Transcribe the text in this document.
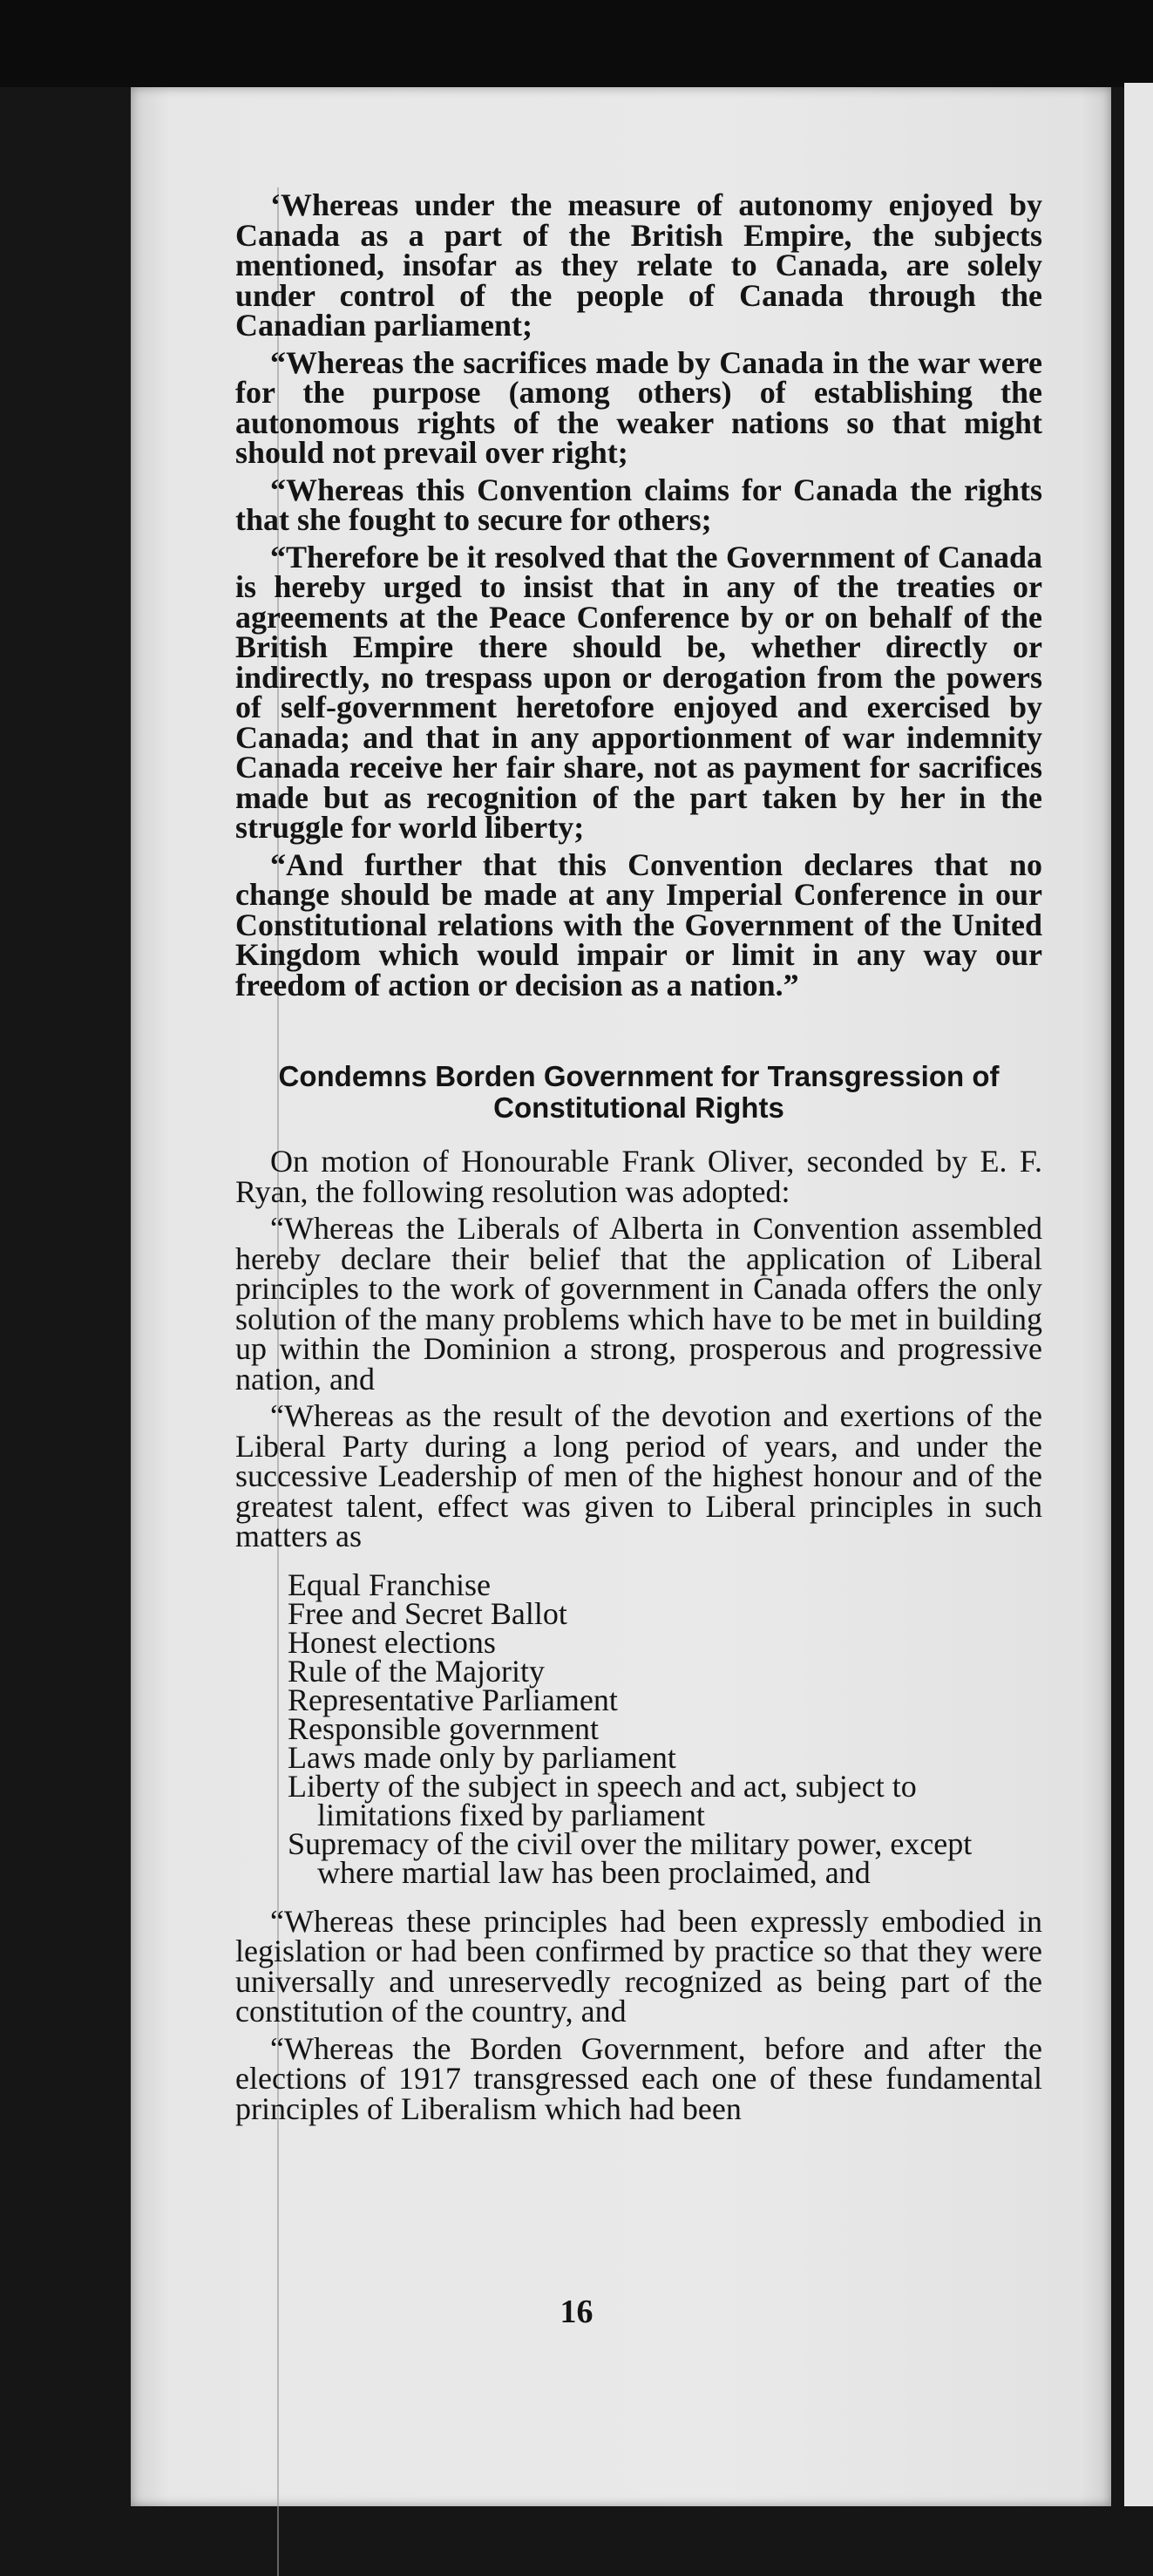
‘Whereas under the measure of autonomy enjoyed by Canada as a part of the British Empire, the subjects mentioned, insofar as they relate to Canada, are solely under control of the people of Canada through the Canadian parliament;

“Whereas the sacrifices made by Canada in the war were for the purpose (among others) of establishing the autonomous rights of the weaker nations so that might should not prevail over right;

“Whereas this Convention claims for Canada the rights that she fought to secure for others;

“Therefore be it resolved that the Government of Canada is hereby urged to insist that in any of the treaties or agreements at the Peace Conference by or on behalf of the British Empire there should be, whether directly or indirectly, no trespass upon or derogation from the powers of self-government heretofore enjoyed and exercised by Canada; and that in any apportionment of war indemnity Canada receive her fair share, not as payment for sacrifices made but as recognition of the part taken by her in the struggle for world liberty;

“And further that this Convention declares that no change should be made at any Imperial Conference in our Constitutional relations with the Government of the United Kingdom which would impair or limit in any way our freedom of action or decision as a nation.”

Condemns Borden Government for Transgression of Constitutional Rights

On motion of Honourable Frank Oliver, seconded by E. F. Ryan, the following resolution was adopted:

“Whereas the Liberals of Alberta in Convention assembled hereby declare their belief that the application of Liberal principles to the work of government in Canada offers the only solution of the many problems which have to be met in building up within the Dominion a strong, prosperous and progressive nation, and

“Whereas as the result of the devotion and exertions of the Liberal Party during a long period of years, and under the successive Leadership of men of the highest honour and of the greatest talent, effect was given to Liberal principles in such matters as

Equal Franchise
Free and Secret Ballot
Honest elections
Rule of the Majority
Representative Parliament
Responsible government
Laws made only by parliament
Liberty of the subject in speech and act, subject to limitations fixed by parliament
Supremacy of the civil over the military power, except where martial law has been proclaimed, and

“Whereas these principles had been expressly embodied in legislation or had been confirmed by practice so that they were universally and unreservedly recognized as being part of the constitution of the country, and

“Whereas the Borden Government, before and after the elections of 1917 transgressed each one of these fundamental principles of Liberalism which had been

16
